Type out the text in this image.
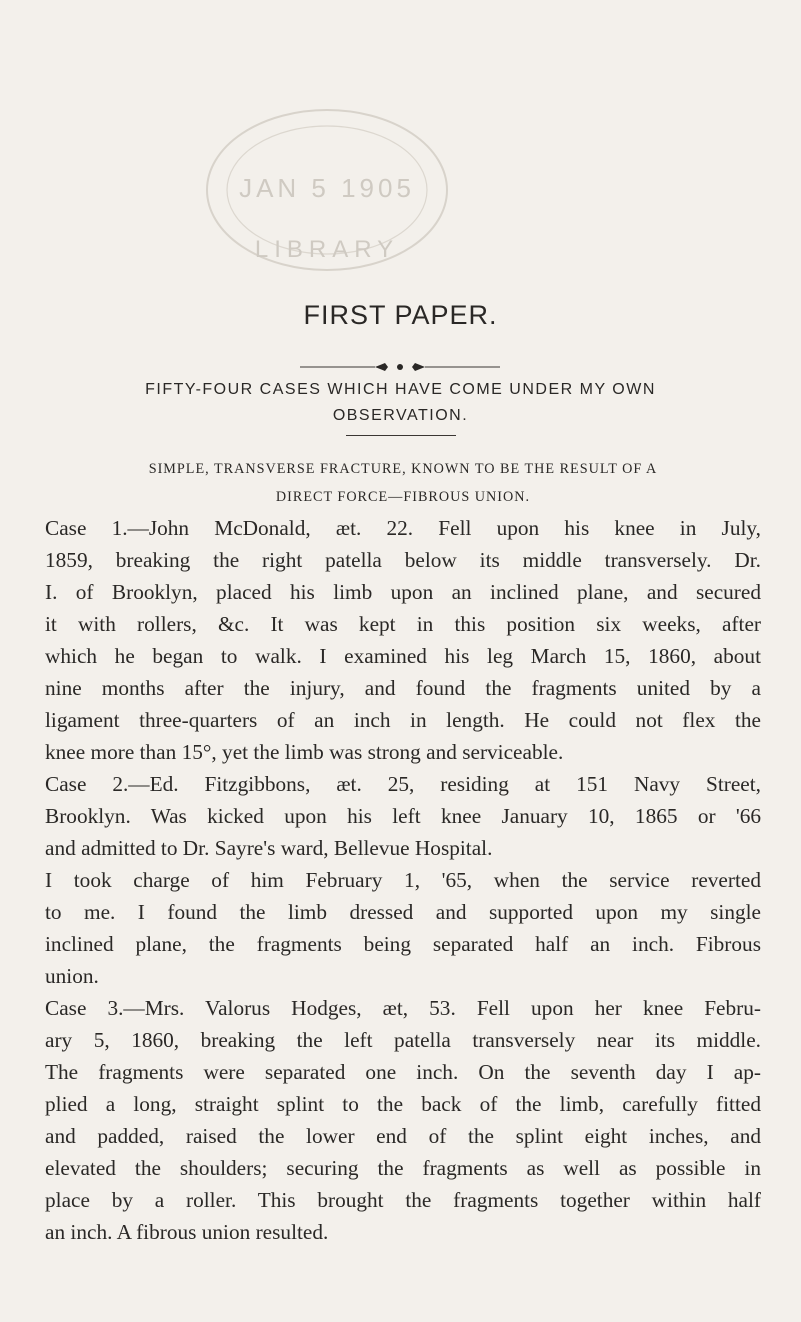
JAN 5 1905
LIBRARY
FIRST PAPER.
FIFTY-FOUR CASES WHICH HAVE COME UNDER MY OWN
OBSERVATION.
SIMPLE, TRANSVERSE FRACTURE, KNOWN TO BE THE RESULT OF A
DIRECT FORCE—FIBROUS UNION.
Case 1.—John McDonald, æt. 22. Fell upon his knee in July,
1859, breaking the right patella below its middle transversely. Dr.
I. of Brooklyn, placed his limb upon an inclined plane, and secured
it with rollers, &c. It was kept in this position six weeks, after
which he began to walk. I examined his leg March 15, 1860, about
nine months after the injury, and found the fragments united by a
ligament three-quarters of an inch in length. He could not flex the
knee more than 15°, yet the limb was strong and serviceable.
Case 2.—Ed. Fitzgibbons, æt. 25, residing at 151 Navy Street,
Brooklyn. Was kicked upon his left knee January 10, 1865 or '66
and admitted to Dr. Sayre's ward, Bellevue Hospital.
I took charge of him February 1, '65, when the service reverted
to me. I found the limb dressed and supported upon my single
inclined plane, the fragments being separated half an inch. Fibrous
union.
Case 3.—Mrs. Valorus Hodges, æt, 53. Fell upon her knee Febru-
ary 5, 1860, breaking the left patella transversely near its middle.
The fragments were separated one inch. On the seventh day I ap-
plied a long, straight splint to the back of the limb, carefully fitted
and padded, raised the lower end of the splint eight inches, and
elevated the shoulders; securing the fragments as well as possible in
place by a roller. This brought the fragments together within half
an inch. A fibrous union resulted.
